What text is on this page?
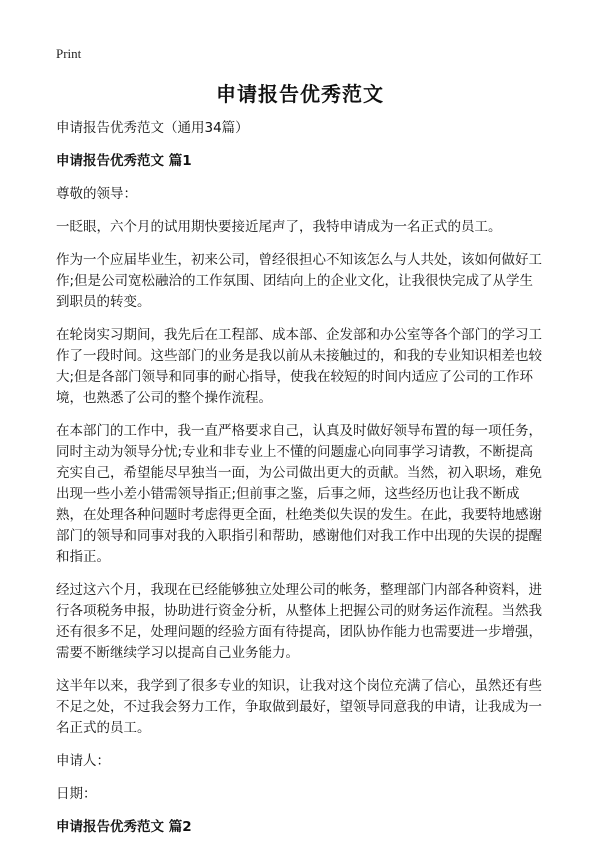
Print
申请报告优秀范文

申请报告优秀范文（通用34篇）

申请报告优秀范文 篇1

尊敬的领导：

一眨眼，六个月的试用期快要接近尾声了，我特申请成为一名正式的员工。

作为一个应届毕业生，初来公司，曾经很担心不知该怎么与人共处，该如何做好工作;但是公司宽松融洽的工作氛围、团结向上的企业文化，让我很快完成了从学生到职员的转变。

在轮岗实习期间，我先后在工程部、成本部、企发部和办公室等各个部门的学习工作了一段时间。这些部门的业务是我以前从未接触过的，和我的专业知识相差也较大;但是各部门领导和同事的耐心指导，使我在较短的时间内适应了公司的工作环境，也熟悉了公司的整个操作流程。

在本部门的工作中，我一直严格要求自己，认真及时做好领导布置的每一项任务，同时主动为领导分忧;专业和非专业上不懂的问题虚心向同事学习请教，不断提高充实自己，希望能尽早独当一面，为公司做出更大的贡献。当然，初入职场，难免出现一些小差小错需领导指正;但前事之鉴，后事之师，这些经历也让我不断成熟，在处理各种问题时考虑得更全面，杜绝类似失误的发生。在此，我要特地感谢部门的领导和同事对我的入职指引和帮助，感谢他们对我工作中出现的失误的提醒和指正。

经过这六个月，我现在已经能够独立处理公司的帐务，整理部门内部各种资料，进行各项税务申报，协助进行资金分析，从整体上把握公司的财务运作流程。当然我还有很多不足，处理问题的经验方面有待提高，团队协作能力也需要进一步增强，需要不断继续学习以提高自己业务能力。

这半年以来，我学到了很多专业的知识，让我对这个岗位充满了信心，虽然还有些不足之处，不过我会努力工作，争取做到最好，望领导同意我的申请，让我成为一名正式的员工。

申请人：

日期：

申请报告优秀范文 篇2
